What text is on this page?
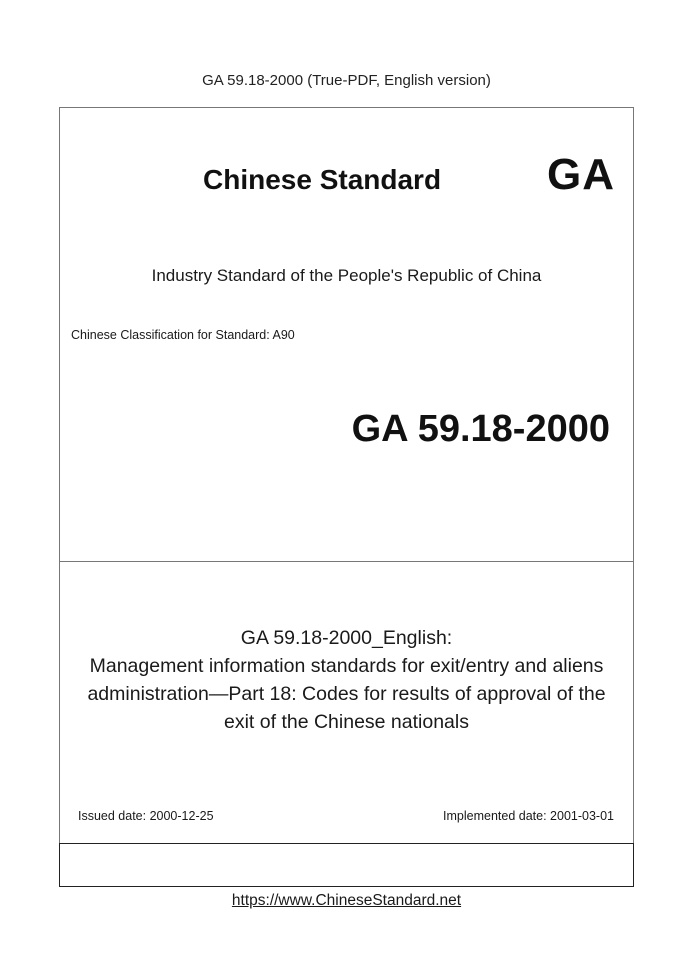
GA 59.18-2000 (True-PDF, English version)
Chinese Standard GA
Industry Standard of the People's Republic of China
Chinese Classification for Standard: A90
GA 59.18-2000
GA 59.18-2000_English:
Management information standards for exit/entry and aliens
administration—Part 18: Codes for results of approval of the
exit of the Chinese nationals
Issued date: 2000-12-25	Implemented date: 2001-03-01
https://www.ChineseStandard.net
